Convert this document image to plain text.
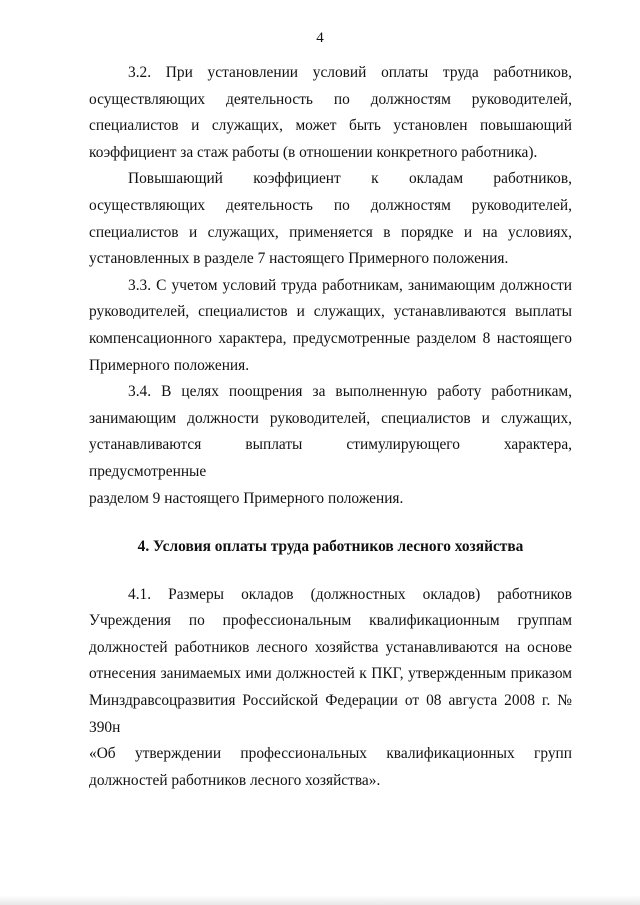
4

3.2. При установлении условий оплаты труда работников,
осуществляющих деятельность по должностям руководителей,
специалистов и служащих, может быть установлен повышающий
коэффициент за стаж работы (в отношении конкретного работника).

Повышающий коэффициент к окладам работников,
осуществляющих деятельность по должностям руководителей,
специалистов и служащих, применяется в порядке и на условиях,
установленных в разделе 7 настоящего Примерного положения.

3.3. С учетом условий труда работникам, занимающим должности
руководителей, специалистов и служащих, устанавливаются выплаты
компенсационного характера, предусмотренные разделом 8 настоящего
Примерного положения.

3.4. В целях поощрения за выполненную работу работникам,
занимающим должности руководителей, специалистов и служащих,
устанавливаются выплаты стимулирующего характера, предусмотренные
разделом 9 настоящего Примерного положения.

4. Условия оплаты труда работников лесного хозяйства

4.1. Размеры окладов (должностных окладов) работников
Учреждения по профессиональным квалификационным группам
должностей работников лесного хозяйства устанавливаются на основе
отнесения занимаемых ими должностей к ПКГ, утвержденным приказом
Минздравсоцразвития Российской Федерации от 08 августа 2008 г. № 390н
«Об утверждении профессиональных квалификационных групп
должностей работников лесного хозяйства».
